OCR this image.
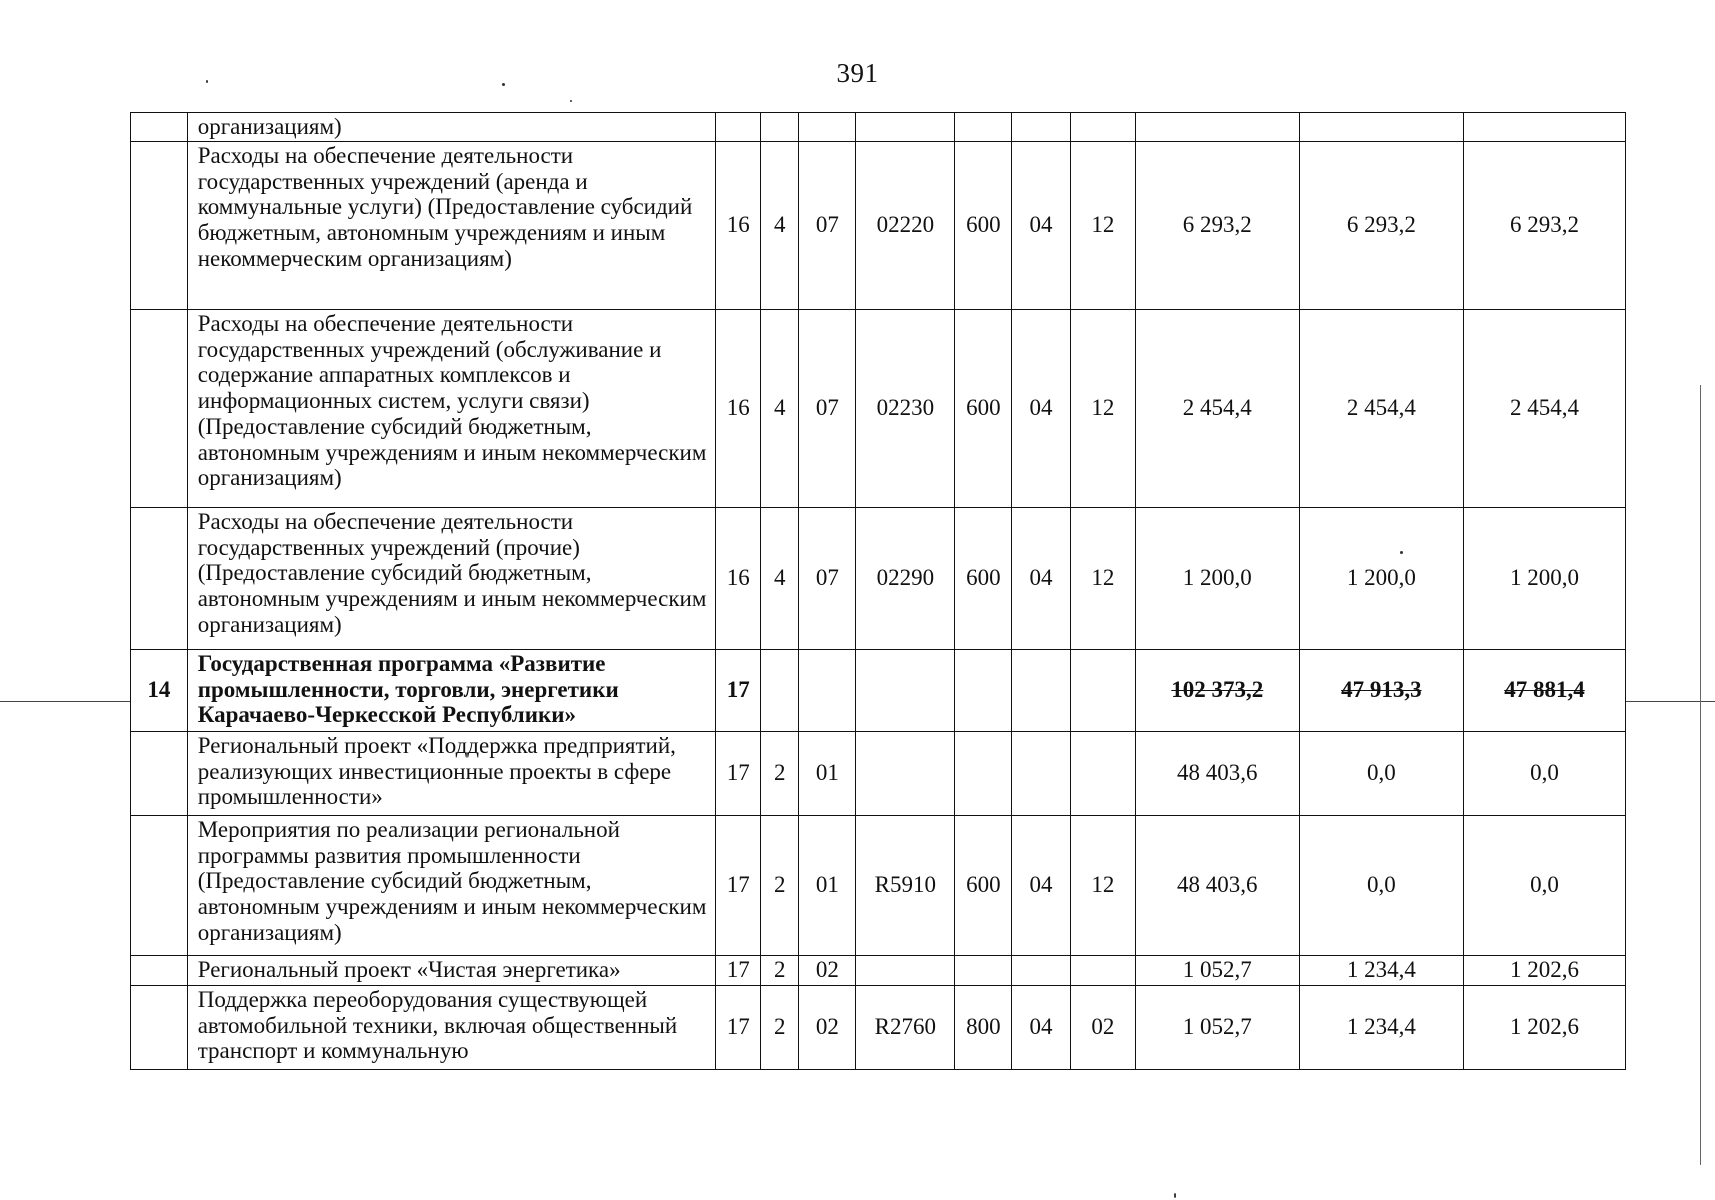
391
	организациям)										
	Расходы на обеспечение деятельности государственных учреждений (аренда и коммунальные услуги) (Предоставление субсидий бюджетным, автономным учреждениям и иным некоммерческим организациям)	16	4	07	02220	600	04	12	6 293,2	6 293,2	6 293,2
	Расходы на обеспечение деятельности государственных учреждений (обслуживание и содержание аппаратных комплексов и информационных систем, услуги связи) (Предоставление субсидий бюджетным, автономным учреждениям и иным некоммерческим организациям)	16	4	07	02230	600	04	12	2 454,4	2 454,4	2 454,4
	Расходы на обеспечение деятельности государственных учреждений (прочие) (Предоставление субсидий бюджетным, автономным учреждениям и иным некоммерческим организациям)	16	4	07	02290	600	04	12	1 200,0	1 200,0	1 200,0
14	Государственная программа «Развитие промышленности, торговли, энергетики Карачаево-Черкесской Республики»	17							102 373,2	47 913,3	47 881,4
	Региональный проект «Поддержка предприятий, реализующих инвестиционные проекты в сфере промышленности»	17	2	01					48 403,6	0,0	0,0
	Мероприятия по реализации региональной программы развития промышленности (Предоставление субсидий бюджетным, автономным учреждениям и иным некоммерческим организациям)	17	2	01	R5910	600	04	12	48 403,6	0,0	0,0
	Региональный проект «Чистая энергетика»	17	2	02					1 052,7	1 234,4	1 202,6
	Поддержка переоборудования существующей автомобильной техники, включая общественный транспорт и коммунальную	17	2	02	R2760	800	04	02	1 052,7	1 234,4	1 202,6
